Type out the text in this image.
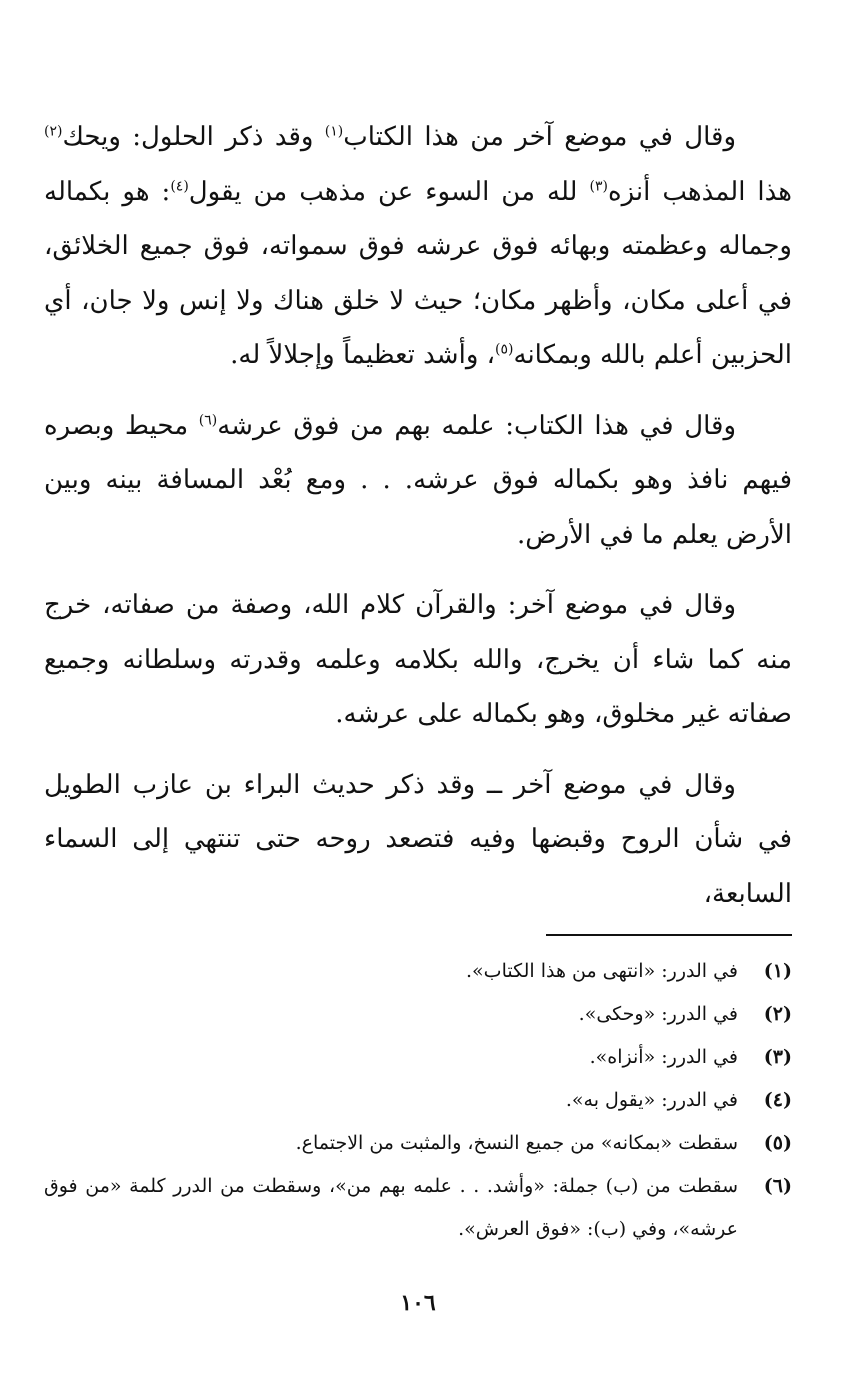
وقال في موضع آخر من هذا الكتاب$^{(١)}$ وقد ذكر الحلول: ويحك$^{(٢)}$ هذا المذهب أنزه$^{(٣)}$ لله من السوء عن مذهب من يقول$^{(٤)}$: هو بكماله وجماله وعظمته وبهائه فوق عرشه فوق سمواته، فوق جميع الخلائق، في أعلى مكان، وأظهر مكان؛ حيث لا خلق هناك ولا إنس ولا جان، أي الحزبين أعلم بالله وبمكانه$^{(٥)}$، وأشد تعظيماً وإجلالاً له.

وقال في هذا الكتاب: علمه بهم من فوق عرشه$^{(٦)}$ محيط وبصره فيهم نافذ وهو بكماله فوق عرشه. . . ومع بُعْد المسافة بينه وبين الأرض يعلم ما في الأرض.

وقال في موضع آخر: والقرآن كلام الله، وصفة من صفاته، خرج منه كما شاء أن يخرج، والله بكلامه وعلمه وقدرته وسلطانه وجميع صفاته غير مخلوق، وهو بكماله على عرشه.

وقال في موضع آخر ــ وقد ذكر حديث البراء بن عازب الطويل في شأن الروح وقبضها وفيه فتصعد روحه حتى تنتهي إلى السماء السابعة،

(١)
في الدرر: «انتهى من هذا الكتاب».
(٢)
في الدرر: «وحكى».
(٣)
في الدرر: «أنزاه».
(٤)
في الدرر: «يقول به».
(٥)
سقطت «بمكانه» من جميع النسخ، والمثبت من الاجتماع.
(٦)
سقطت من (ب) جملة: «وأشد. . . علمه بهم من»، وسقطت من الدرر كلمة «من فوق عرشه»، وفي (ب): «فوق العرش».
١٠٦
